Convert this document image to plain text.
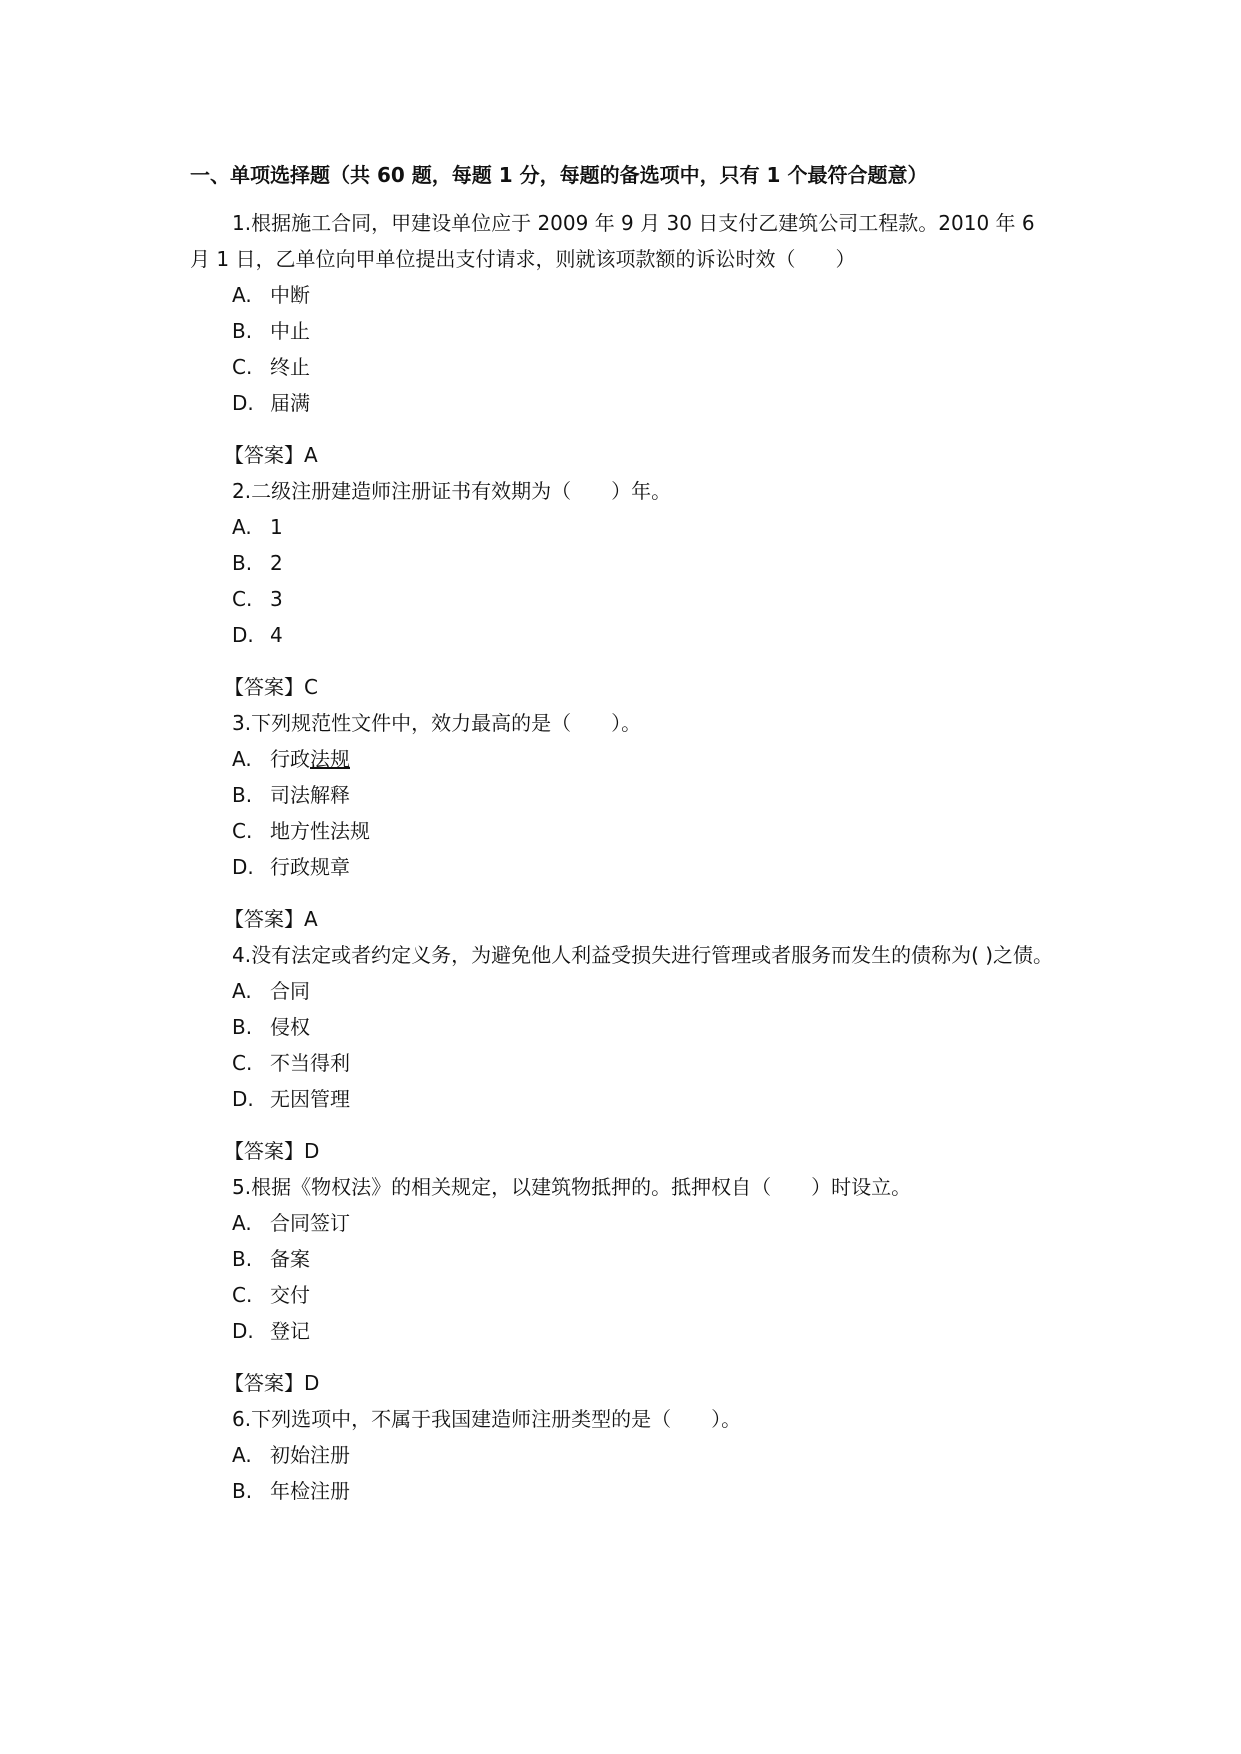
一、单项选择题（共 60 题，每题 1 分，每题的备选项中，只有 1 个最符合题意）

1.根据施工合同，甲建设单位应于 2009 年 9 月 30 日支付乙建筑公司工程款。2010 年 6 月 1 日，乙单位向甲单位提出支付请求，则就该项款额的诉讼时效（　　）

A. 中断
B. 中止
C. 终止
D. 届满
【答案】A

2.二级注册建造师注册证书有效期为（　　）年。

A. 1
B. 2
C. 3
D. 4
【答案】C

3.下列规范性文件中，效力最高的是（　　）。

A. 行政法规
B. 司法解释
C. 地方性法规
D. 行政规章
【答案】A

4.没有法定或者约定义务，为避免他人利益受损失进行管理或者服务而发生的债称为( )之债。

A. 合同
B. 侵权
C. 不当得利
D. 无因管理
【答案】D

5.根据《物权法》的相关规定，以建筑物抵押的。抵押权自（　　）时设立。

A. 合同签订
B. 备案
C. 交付
D. 登记
【答案】D

6.下列选项中，不属于我国建造师注册类型的是（　　）。

A. 初始注册
B. 年检注册
